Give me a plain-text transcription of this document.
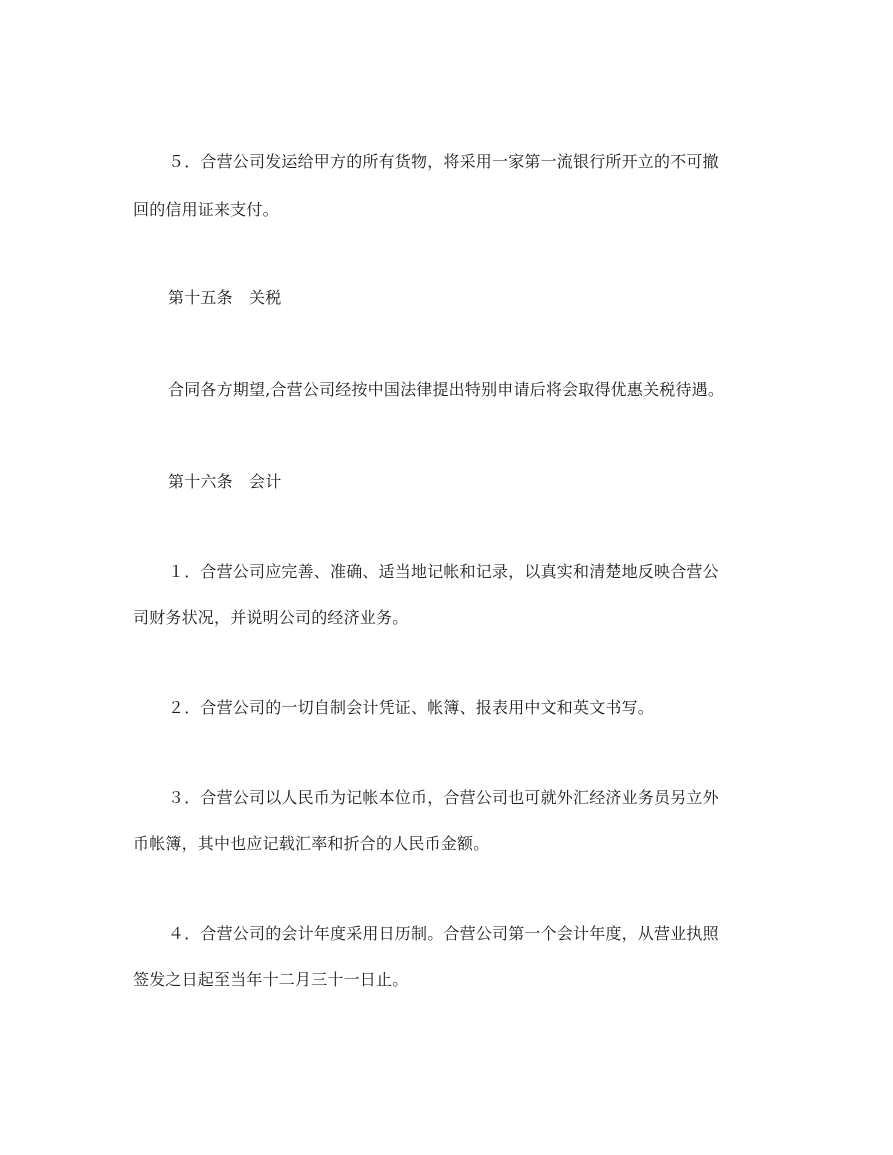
５．合营公司发运给甲方的所有货物，将采用一家第一流银行所开立的不可撤
回的信用证来支付。
第十五条　关税
合同各方期望,合营公司经按中国法律提出特别申请后将会取得优惠关税待遇。
第十六条　会计
１．合营公司应完善、准确、适当地记帐和记录，以真实和清楚地反映合营公
司财务状况，并说明公司的经济业务。
２．合营公司的一切自制会计凭证、帐簿、报表用中文和英文书写。
３．合营公司以人民币为记帐本位币，合营公司也可就外汇经济业务员另立外
币帐簿，其中也应记载汇率和折合的人民币金额。
４．合营公司的会计年度采用日历制。合营公司第一个会计年度，从营业执照
签发之日起至当年十二月三十一日止。
